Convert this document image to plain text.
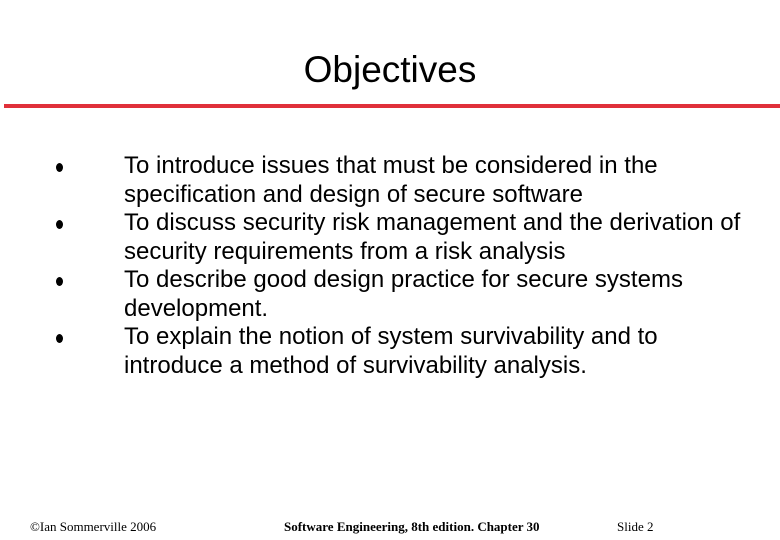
Objectives
To introduce issues that must be considered in the specification and design of secure software
To discuss security risk management and the derivation of security requirements from a risk analysis
To describe good design practice for secure systems development.
To explain the notion of system survivability and to introduce a method of survivability analysis.
©Ian Sommerville 2006	Software Engineering, 8th edition. Chapter 30	Slide 2
